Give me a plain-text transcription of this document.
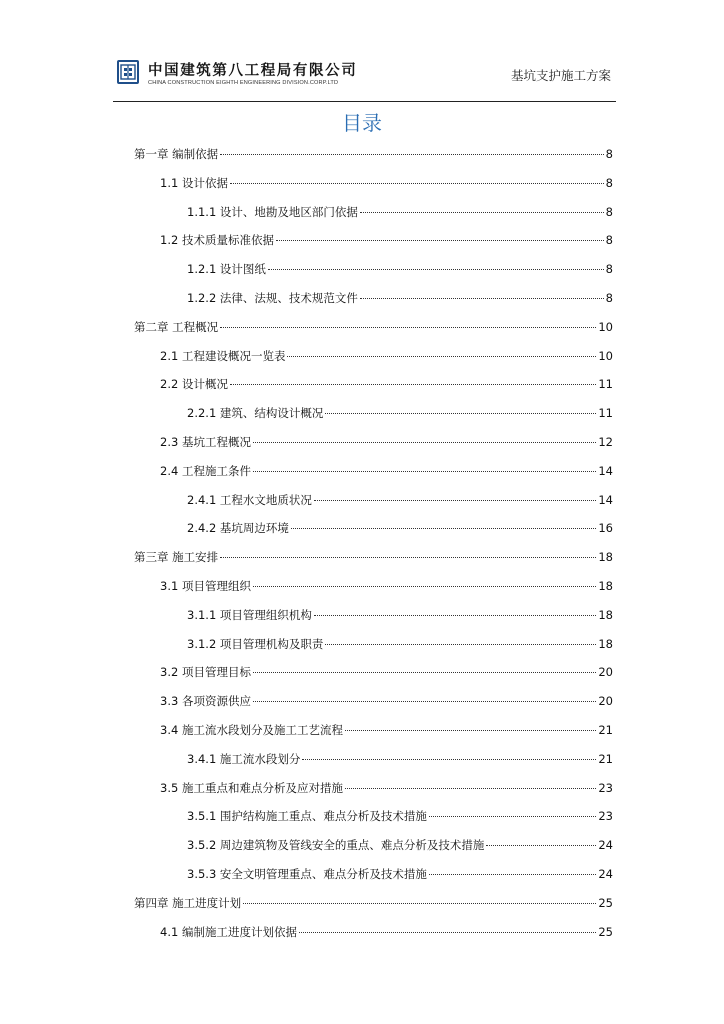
中国建筑第八工程局有限公司
CHINA CONSTRUCTION EIGHTH ENGINEERING DIVISION.CORP.LTD	基坑支护施工方案
目录
第一章 编制依据	8
1.1 设计依据	8
1.1.1 设计、地勘及地区部门依据	8
1.2 技术质量标准依据	8
1.2.1 设计图纸	8
1.2.2 法律、法规、技术规范文件	8
第二章 工程概况	10
2.1 工程建设概况一览表	10
2.2 设计概况	11
2.2.1 建筑、结构设计概况	11
2.3 基坑工程概况	12
2.4 工程施工条件	14
2.4.1 工程水文地质状况	14
2.4.2 基坑周边环境	16
第三章 施工安排	18
3.1 项目管理组织	18
3.1.1 项目管理组织机构	18
3.1.2 项目管理机构及职责	18
3.2 项目管理目标	20
3.3 各项资源供应	20
3.4 施工流水段划分及施工工艺流程	21
3.4.1 施工流水段划分	21
3.5 施工重点和难点分析及应对措施	23
3.5.1 围护结构施工重点、难点分析及技术措施	23
3.5.2 周边建筑物及管线安全的重点、难点分析及技术措施	24
3.5.3 安全文明管理重点、难点分析及技术措施	24
第四章 施工进度计划	25
4.1 编制施工进度计划依据	25
